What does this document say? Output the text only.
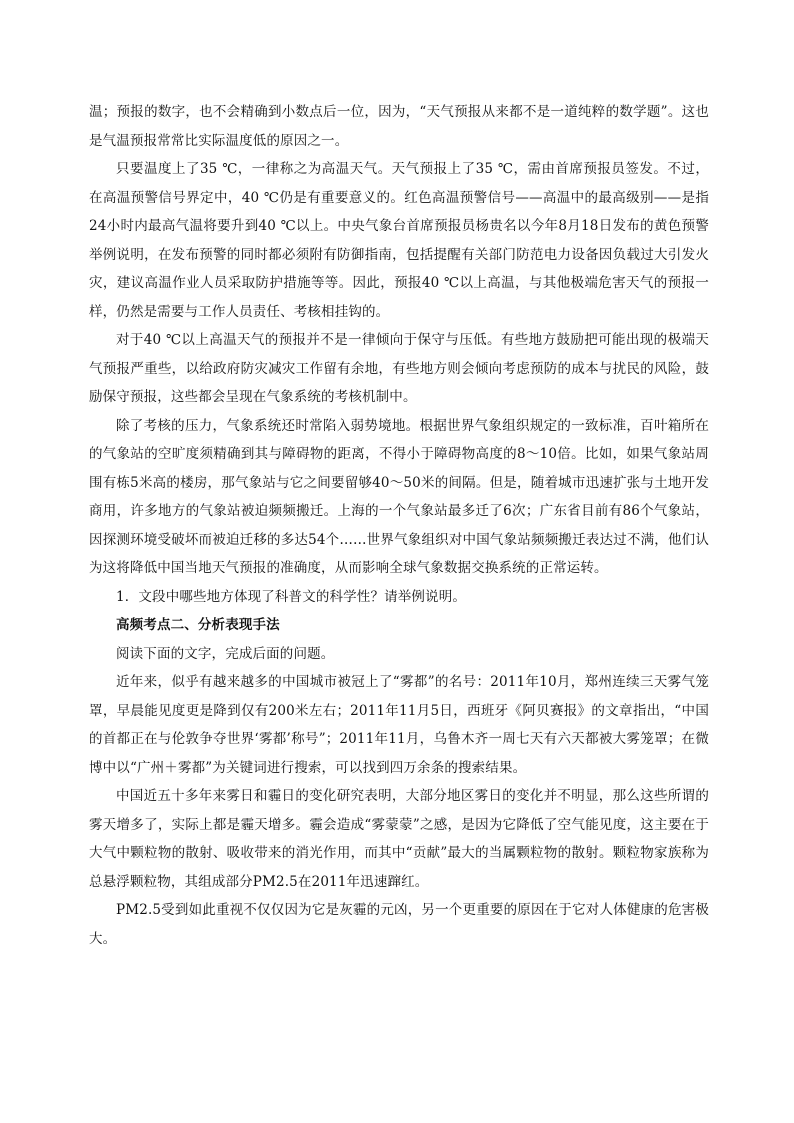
温；预报的数字，也不会精确到小数点后一位，因为，“天气预报从来都不是一道纯粹的数学题”。这也是气温预报常常比实际温度低的原因之一。

只要温度上了35 ℃，一律称之为高温天气。天气预报上了35 ℃，需由首席预报员签发。不过，在高温预警信号界定中，40 ℃仍是有重要意义的。红色高温预警信号——高温中的最高级别——是指24小时内最高气温将要升到40 ℃以上。中央气象台首席预报员杨贵名以今年8月18日发布的黄色预警举例说明，在发布预警的同时都必须附有防御指南，包括提醒有关部门防范电力设备因负载过大引发火灾，建议高温作业人员采取防护措施等等。因此，预报40 ℃以上高温，与其他极端危害天气的预报一样，仍然是需要与工作人员责任、考核相挂钩的。

对于40 ℃以上高温天气的预报并不是一律倾向于保守与压低。有些地方鼓励把可能出现的极端天气预报严重些，以给政府防灾减灾工作留有余地，有些地方则会倾向考虑预防的成本与扰民的风险，鼓励保守预报，这些都会呈现在气象系统的考核机制中。

除了考核的压力，气象系统还时常陷入弱势境地。根据世界气象组织规定的一致标准，百叶箱所在的气象站的空旷度须精确到其与障碍物的距离，不得小于障碍物高度的8～10倍。比如，如果气象站周围有栋5米高的楼房，那气象站与它之间要留够40～50米的间隔。但是，随着城市迅速扩张与土地开发商用，许多地方的气象站被迫频频搬迁。上海的一个气象站最多迁了6次；广东省目前有86个气象站，因探测环境受破坏而被迫迁移的多达54个……世界气象组织对中国气象站频频搬迁表达过不满，他们认为这将降低中国当地天气预报的准确度，从而影响全球气象数据交换系统的正常运转。

1．文段中哪些地方体现了科普文的科学性？请举例说明。

高频考点二、分析表现手法

阅读下面的文字，完成后面的问题。

近年来，似乎有越来越多的中国城市被冠上了“雾都”的名号：2011年10月，郑州连续三天雾气笼罩，早晨能见度更是降到仅有200米左右；2011年11月5日，西班牙《阿贝赛报》的文章指出，“中国的首都正在与伦敦争夺世界‘雾都’称号”；2011年11月，乌鲁木齐一周七天有六天都被大雾笼罩；在微博中以“广州＋雾都”为关键词进行搜索，可以找到四万余条的搜索结果。

中国近五十多年来雾日和霾日的变化研究表明，大部分地区雾日的变化并不明显，那么这些所谓的雾天增多了，实际上都是霾天增多。霾会造成“雾蒙蒙”之感，是因为它降低了空气能见度，这主要在于大气中颗粒物的散射、吸收带来的消光作用，而其中“贡献”最大的当属颗粒物的散射。颗粒物家族称为总悬浮颗粒物，其组成部分PM2.5在2011年迅速蹿红。

PM2.5受到如此重视不仅仅因为它是灰霾的元凶，另一个更重要的原因在于它对人体健康的危害极大。
